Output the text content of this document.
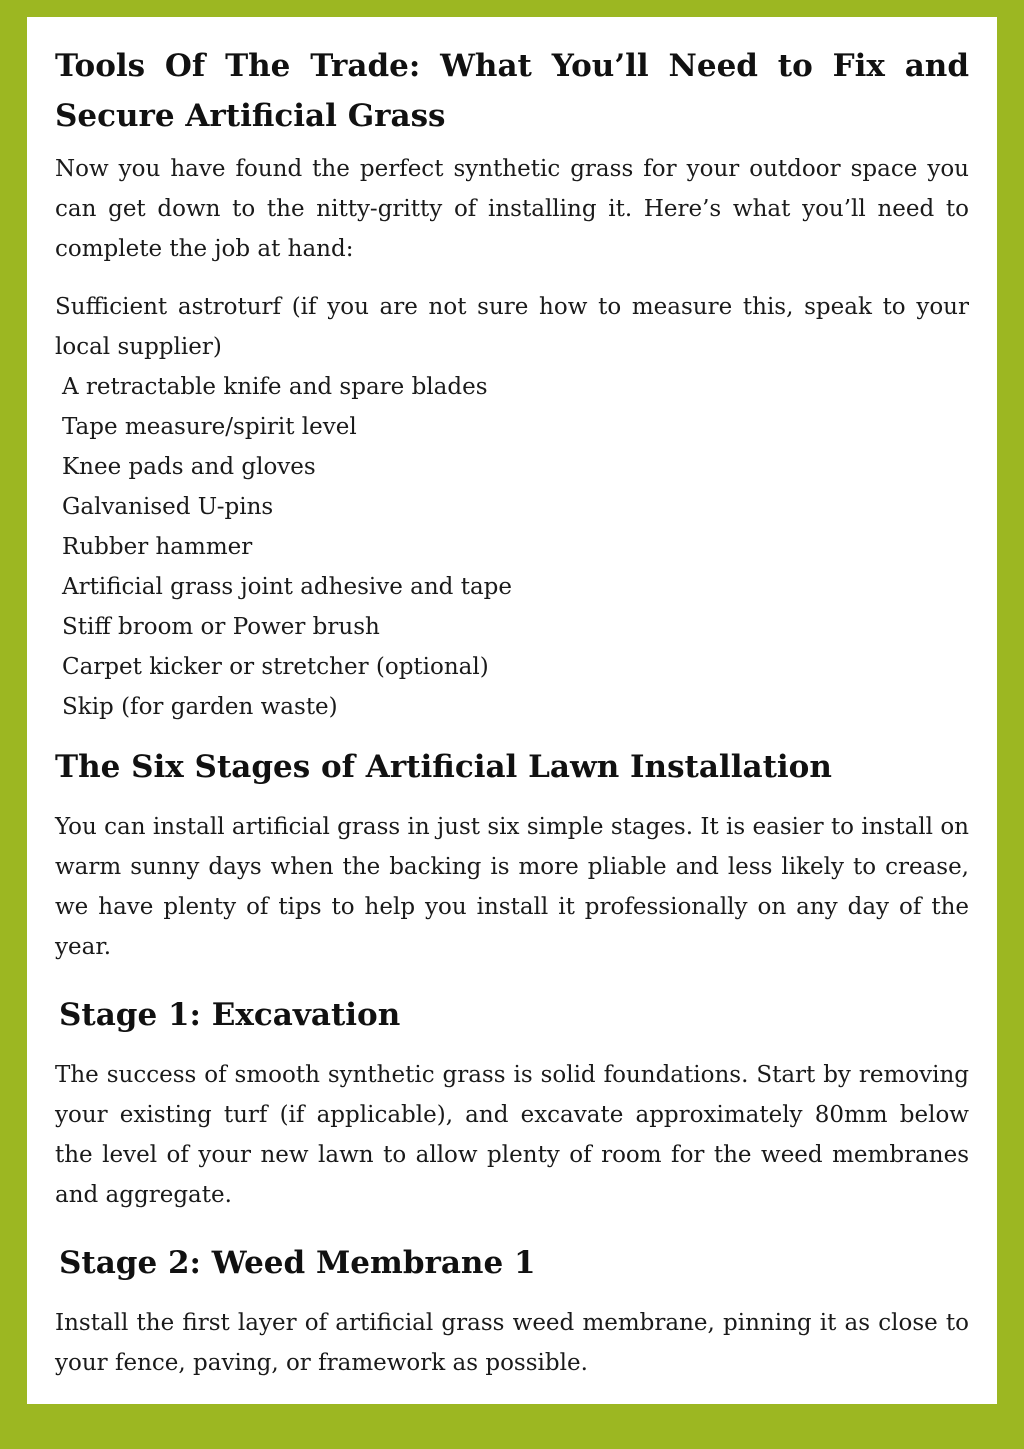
Tools Of The Trade: What You’ll Need to Fix and Secure Artificial Grass

Now you have found the perfect synthetic grass for your outdoor space you can get down to the nitty-gritty of installing it. Here’s what you’ll need to complete the job at hand:

Sufficient astroturf (if you are not sure how to measure this, speak to your local supplier)

A retractable knife and spare blades
Tape measure/spirit level
Knee pads and gloves
Galvanised U-pins
Rubber hammer
Artificial grass joint adhesive and tape
Stiff broom or Power brush
Carpet kicker or stretcher (optional)
Skip (for garden waste)
The Six Stages of Artificial Lawn Installation

You can install artificial grass in just six simple stages. It is easier to install on warm sunny days when the backing is more pliable and less likely to crease, we have plenty of tips to help you install it professionally on any day of the year.

Stage 1: Excavation

The success of smooth synthetic grass is solid foundations. Start by removing your existing turf (if applicable), and excavate approximately 80mm below the level of your new lawn to allow plenty of room for the weed membranes and aggregate.

Stage 2: Weed Membrane 1

Install the first layer of artificial grass weed membrane, pinning it as close to your fence, paving, or framework as possible.
